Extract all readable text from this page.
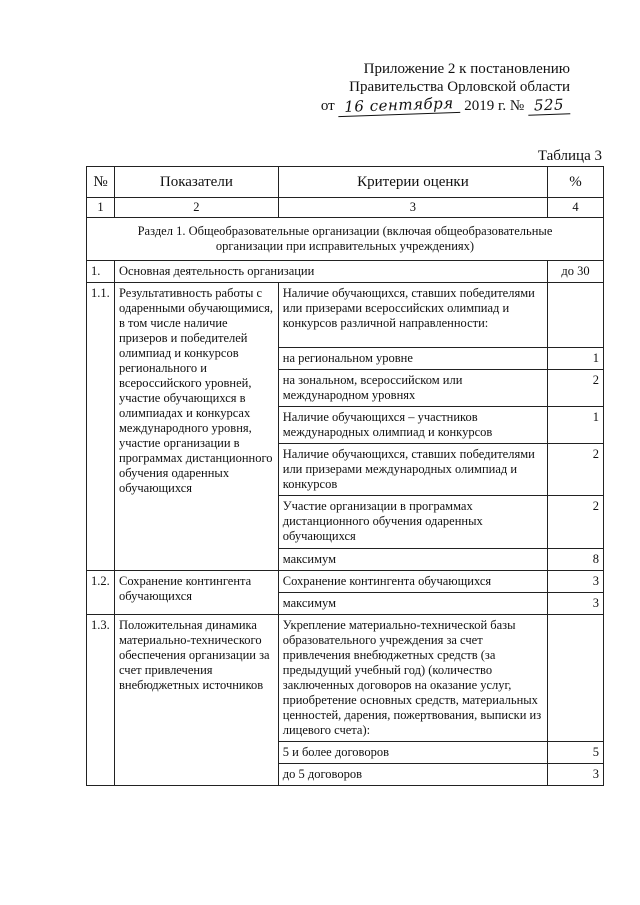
Приложение 2 к постановлению
Правительства Орловской области
от 16 сентября 2019 г. № 525
Таблица 3
№	Показатели	Критерии оценки	%
1	2	3	4
Раздел 1. Общеобразовательные организации (включая общеобразовательные организации при исправительных учреждениях)			
1.	Основная деятельность организации		до 30
1.1.	Результативность работы с одаренными обучающимися, в том числе наличие призеров и победителей олимпиад и конкурсов регионального и всероссийского уровней, участие обучающихся в олимпиадах и конкурсах международного уровня, участие организации в программах дистанционного обучения одаренных обучающихся	Наличие обучающихся, ставших победителями или призерами всероссийских олимпиад и конкурсов различной направленности:	
		на региональном уровне	1
		на зональном, всероссийском или международном уровнях	2
		Наличие обучающихся – участников международных олимпиад и конкурсов	1
		Наличие обучающихся, ставших победителями или призерами международных олимпиад и конкурсов	2
		Участие организации в программах дистанционного обучения одаренных обучающихся	2
		максимум	8
1.2.	Сохранение контингента обучающихся	Сохранение контингента обучающихся	3
		максимум	3
1.3.	Положительная динамика материально-технического обеспечения организации за счет привлечения внебюджетных источников	Укрепление материально-технической базы образовательного учреждения за счет привлечения внебюджетных средств (за предыдущий учебный год) (количество заключенных договоров на оказание услуг, приобретение основных средств, материальных ценностей, дарения, пожертвования, выписки из лицевого счета):	
		5 и более договоров	5
		до 5 договоров	3
